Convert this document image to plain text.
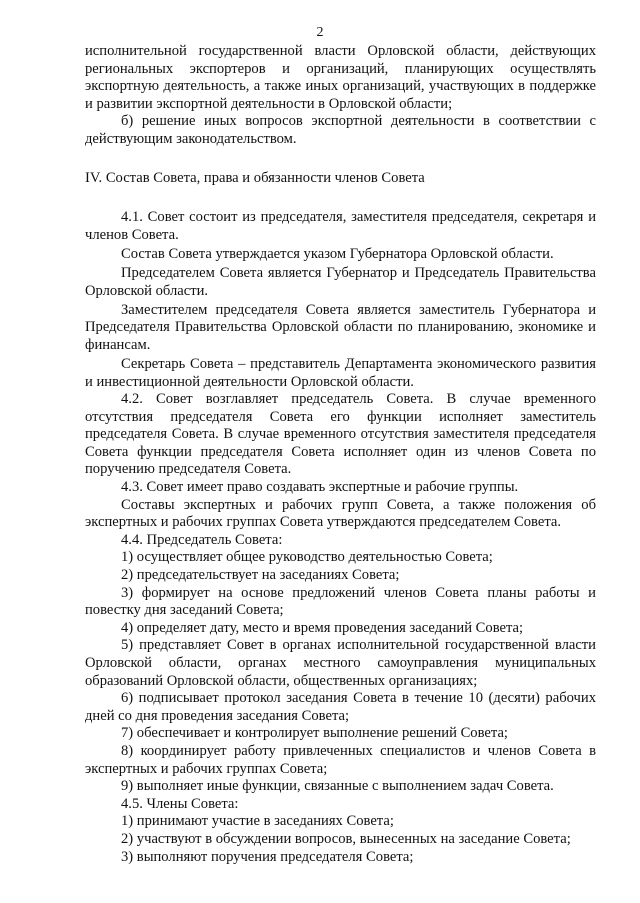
2

исполнительной государственной власти Орловской области, действующих региональных экспортеров и организаций, планирующих осуществлять экспортную деятельность, а также иных организаций, участвующих в поддержке и развитии экспортной деятельности в Орловской области;

б) решение иных вопросов экспортной деятельности в соответствии с действующим законодательством.

IV. Состав Совета, права и обязанности членов Совета

4.1. Совет состоит из председателя, заместителя председателя, секретаря и членов Совета.

Состав Совета утверждается указом Губернатора Орловской области.

Председателем Совета является Губернатор и Председатель Правительства Орловской области.

Заместителем председателя Совета является заместитель Губернатора и Председателя Правительства Орловской области по планированию, экономике и финансам.

Секретарь Совета – представитель Департамента экономического развития и инвестиционной деятельности Орловской области.

4.2. Совет возглавляет председатель Совета. В случае временного отсутствия председателя Совета его функции исполняет заместитель председателя Совета. В случае временного отсутствия заместителя председателя Совета функции председателя Совета исполняет один из членов Совета по поручению председателя Совета.

4.3. Совет имеет право создавать экспертные и рабочие группы.

Составы экспертных и рабочих групп Совета, а также положения об экспертных и рабочих группах Совета утверждаются председателем Совета.

4.4. Председатель Совета:

1) осуществляет общее руководство деятельностью Совета;

2) председательствует на заседаниях Совета;

3) формирует на основе предложений членов Совета планы работы и повестку дня заседаний Совета;

4) определяет дату, место и время проведения заседаний Совета;

5) представляет Совет в органах исполнительной государственной власти Орловской области, органах местного самоуправления муниципальных образований Орловской области, общественных организациях;

6) подписывает протокол заседания Совета в течение 10 (десяти) рабочих дней со дня проведения заседания Совета;

7) обеспечивает и контролирует выполнение решений Совета;

8) координирует работу привлеченных специалистов и членов Совета в экспертных и рабочих группах Совета;

9) выполняет иные функции, связанные с выполнением задач Совета.

4.5. Члены Совета:

1) принимают участие в заседаниях Совета;

2) участвуют в обсуждении вопросов, вынесенных на заседание Совета;

3) выполняют поручения председателя Совета;
